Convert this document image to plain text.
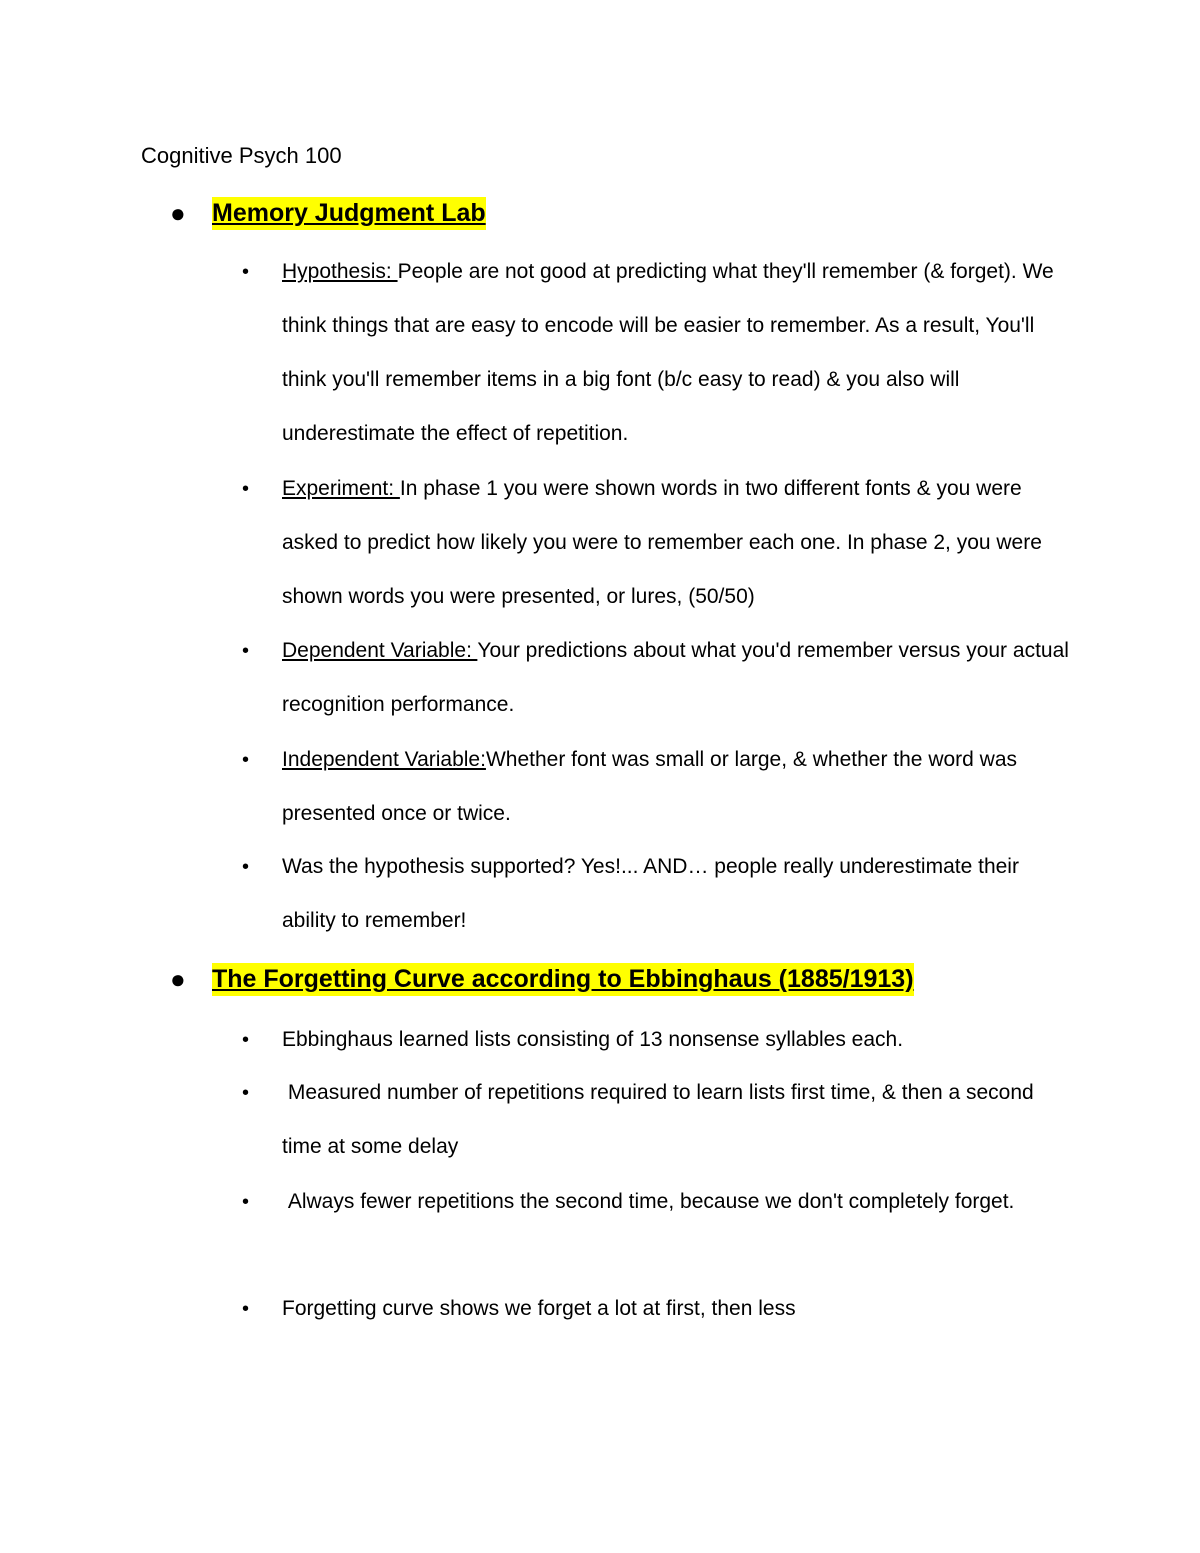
Cognitive Psych 100
● Memory Judgment Lab
• Hypothesis: People are not good at predicting what they'll remember (& forget). We think things that are easy to encode will be easier to remember. As a result, You'll think you'll remember items in a big font (b/c easy to read) & you also will underestimate the effect of repetition.

• Experiment: In phase 1 you were shown words in two different fonts & you were asked to predict how likely you were to remember each one. In phase 2, you were shown words you were presented, or lures, (50/50)

• Dependent Variable: Your predictions about what you'd remember versus your actual recognition performance.

• Independent Variable:Whether font was small or large, & whether the word was presented once or twice.

• Was the hypothesis supported? Yes!... AND… people really underestimate their ability to remember!

● The Forgetting Curve according to Ebbinghaus (1885/1913)
• Ebbinghaus learned lists consisting of 13 nonsense syllables each.

• Measured number of repetitions required to learn lists first time, & then a second time at some delay

• Always fewer repetitions the second time, because we don't completely forget.

• Forgetting curve shows we forget a lot at first, then less
